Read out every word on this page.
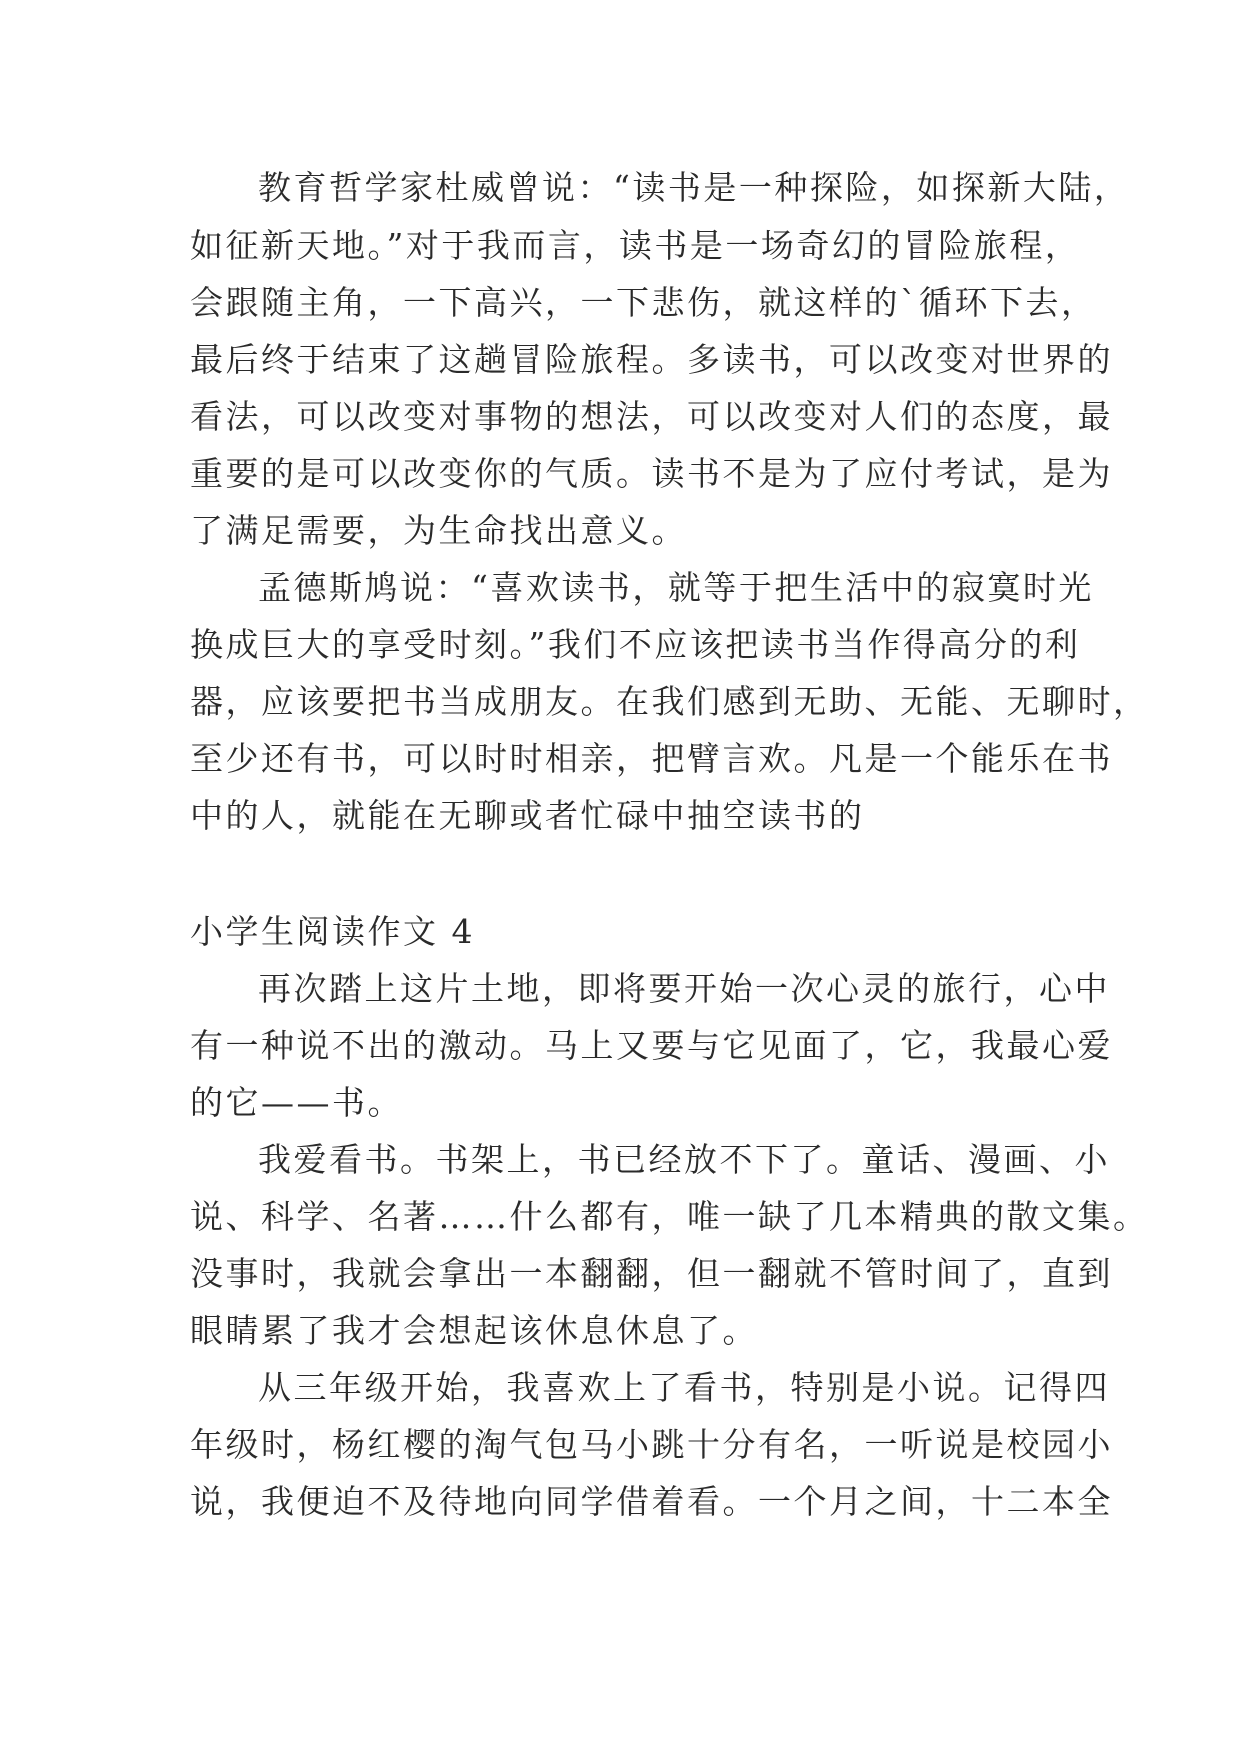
教育哲学家杜威曾说：“读书是一种探险，如探新大陆，
如征新天地。”对于我而言，读书是一场奇幻的冒险旅程，
会跟随主角，一下高兴，一下悲伤，就这样的`循环下去，
最后终于结束了这趟冒险旅程。多读书，可以改变对世界的
看法，可以改变对事物的想法，可以改变对人们的态度，最
重要的是可以改变你的气质。读书不是为了应付考试，是为
了满足需要，为生命找出意义。
孟德斯鸠说：“喜欢读书，就等于把生活中的寂寞时光
换成巨大的享受时刻。”我们不应该把读书当作得高分的利
器，应该要把书当成朋友。在我们感到无助、无能、无聊时，
至少还有书，可以时时相亲，把臂言欢。凡是一个能乐在书
中的人，就能在无聊或者忙碌中抽空读书的
小学生阅读作文 4
再次踏上这片土地，即将要开始一次心灵的旅行，心中
有一种说不出的激动。马上又要与它见面了，它，我最心爱
的它——书。
我爱看书。书架上，书已经放不下了。童话、漫画、小
说、科学、名著……什么都有，唯一缺了几本精典的散文集。
没事时，我就会拿出一本翻翻，但一翻就不管时间了，直到
眼睛累了我才会想起该休息休息了。
从三年级开始，我喜欢上了看书，特别是小说。记得四
年级时，杨红樱的淘气包马小跳十分有名，一听说是校园小
说，我便迫不及待地向同学借着看。一个月之间，十二本全
